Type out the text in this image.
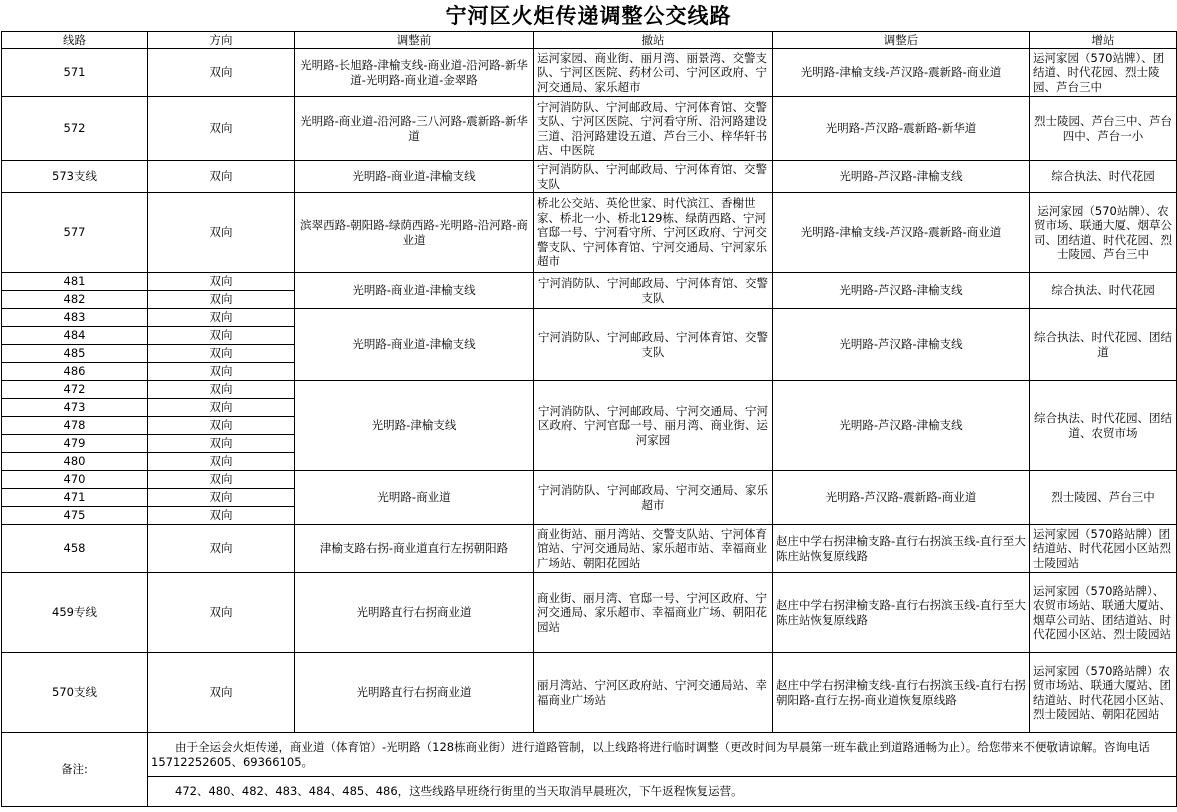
宁河区火炬传递调整公交线路
线路	方向	调整前	撤站	调整后	增站
571	双向	光明路-长旭路-津榆支线-商业道-沿河路-新华道-光明路-商业道-金翠路	运河家园、商业街、丽月湾、丽景湾、交警支队、宁河区医院、药材公司、宁河区政府、宁河交通局、家乐超市	光明路-津榆支线-芦汉路-震新路-商业道	运河家园（570站牌）、团结道、时代花园、烈士陵园、芦台三中
572	双向	光明路-商业道-沿河路-三八河路-震新路-新华道	宁河消防队、宁河邮政局、宁河体育馆、交警支队、宁河区医院、宁河看守所、沿河路建设三道、沿河路建设五道、芦台三小、梓华轩书店、中医院	光明路-芦汉路-震新路-新华道	烈士陵园、芦台三中、芦台四中、芦台一小
573支线	双向	光明路-商业道-津榆支线	宁河消防队、宁河邮政局、宁河体育馆、交警支队	光明路-芦汉路-津榆支线	综合执法、时代花园
577	双向	滨翠西路-朝阳路-绿荫西路-光明路-沿河路-商业道	桥北公交站、英伦世家、时代滨江、香榭世家、桥北一小、桥北129栋、绿荫西路、宁河官邸一号、宁河看守所、宁河区政府、宁河交警支队、宁河体育馆、宁河交通局、宁河家乐超市	光明路-津榆支线-芦汉路-震新路-商业道	运河家园（570站牌）、农贸市场、联通大厦、烟草公司、团结道、时代花园、烈士陵园、芦台三中
481	双向	光明路-商业道-津榆支线	宁河消防队、宁河邮政局、宁河体育馆、交警支队	光明路-芦汉路-津榆支线	综合执法、时代花园
482	双向				
483	双向	光明路-商业道-津榆支线	宁河消防队、宁河邮政局、宁河体育馆、交警支队	光明路-芦汉路-津榆支线	综合执法、时代花园、团结道
484	双向				
485	双向				
486	双向				
472	双向	光明路-津榆支线	宁河消防队、宁河邮政局、宁河交通局、宁河区政府、宁河官邸一号、丽月湾、商业街、运河家园	光明路-芦汉路-津榆支线	综合执法、时代花园、团结道、农贸市场
473	双向				
478	双向				
479	双向				
480	双向				
470	双向	光明路-商业道	宁河消防队、宁河邮政局、宁河交通局、家乐超市	光明路-芦汉路-震新路-商业道	烈士陵园、芦台三中
471	双向				
475	双向				
458	双向	津榆支路右拐-商业道直行左拐朝阳路	商业街站、丽月湾站、交警支队站、宁河体育馆站、宁河交通局站、家乐超市站、幸福商业广场站、朝阳花园站	赵庄中学右拐津榆支路-直行右拐滨玉线-直行至大陈庄站恢复原线路	运河家园（570路站牌）团结道站、时代花园小区站烈士陵园站
459专线	双向	光明路直行右拐商业道	商业街、丽月湾、官邸一号、宁河区政府、宁河交通局、家乐超市、幸福商业广场、朝阳花园站	赵庄中学右拐津榆支路-直行右拐滨玉线-直行至大陈庄站恢复原线路	运河家园（570路站牌）、农贸市场站、联通大厦站、烟草公司站、团结道站、时代花园小区站、烈士陵园站
570支线	双向	光明路直行右拐商业道	丽月湾站、宁河区政府站、宁河交通局站、幸福商业广场站	赵庄中学右拐津榆支线-直行右拐滨玉线-直行右拐朝阳路-直行左拐-商业道恢复原线路	运河家园（570路站牌）农贸市场站、联通大厦站、团结道站、时代花园小区站、烈士陵园站、朝阳花园站
备注:	由于全运会火炬传递，商业道（体育馆）-光明路（128栋商业街）进行道路管制，以上线路将进行临时调整（更改时间为早晨第一班车截止到道路通畅为止）。给您带来不便敬请谅解。咨询电话15712252605、69366105。				

	472、480、482、483、484、485、486，这些线路早班绕行街里的当天取消早晨班次，下午返程恢复运营。				
